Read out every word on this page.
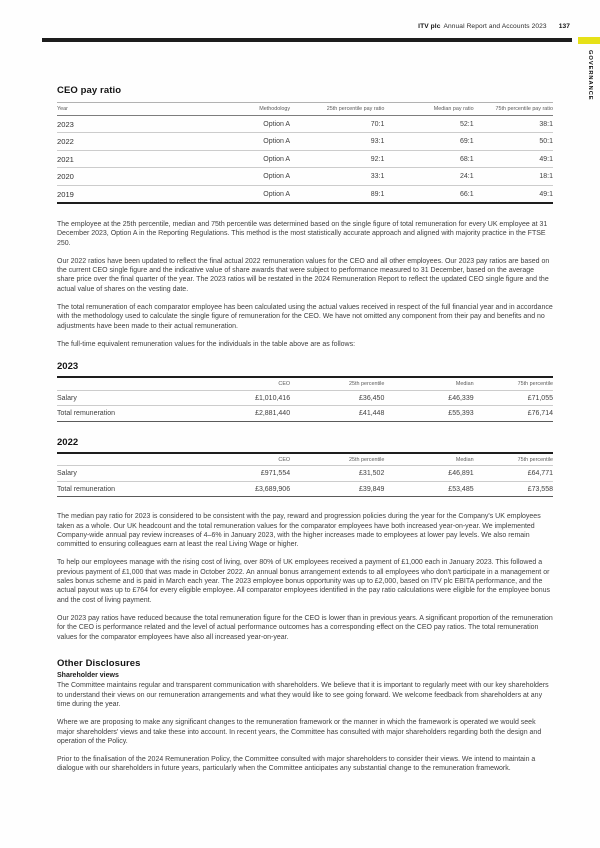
ITV plc Annual Report and Accounts 2023 137
GOVERNANCE
CEO pay ratio
Year	Methodology	25th percentile pay ratio	Median pay ratio	75th percentile pay ratio
2023	Option A	70:1	52:1	38:1
2022	Option A	93:1	69:1	50:1
2021	Option A	92:1	68:1	49:1
2020	Option A	33:1	24:1	18:1
2019	Option A	89:1	66:1	49:1

The employee at the 25th percentile, median and 75th percentile was determined based on the single figure of total remuneration for every UK employee at 31 December 2023, Option A in the Reporting Regulations. This method is the most statistically accurate approach and aligned with majority practice in the FTSE 250.

Our 2022 ratios have been updated to reflect the final actual 2022 remuneration values for the CEO and all other employees. Our 2023 pay ratios are based on the current CEO single figure and the indicative value of share awards that were subject to performance measured to 31 December, based on the average share price over the final quarter of the year. The 2023 ratios will be restated in the 2024 Remuneration Report to reflect the updated CEO single figure and the actual value of shares on the vesting date.

The total remuneration of each comparator employee has been calculated using the actual values received in respect of the full financial year and in accordance with the methodology used to calculate the single figure of remuneration for the CEO. We have not omitted any component from their pay and benefits and no adjustments have been made to their actual remuneration.

The full-time equivalent remuneration values for the individuals in the table above are as follows:

2023
	CEO	25th percentile	Median	75th percentile
Salary	£1,010,416	£36,450	£46,339	£71,055
Total remuneration	£2,881,440	£41,448	£55,393	£76,714
2022
	CEO	25th percentile	Median	75th percentile
Salary	£971,554	£31,502	£46,891	£64,771
Total remuneration	£3,689,906	£39,849	£53,485	£73,558

The median pay ratio for 2023 is considered to be consistent with the pay, reward and progression policies during the year for the Company's UK employees taken as a whole. Our UK headcount and the total remuneration values for the comparator employees have both increased year-on-year. We implemented Company-wide annual pay review increases of 4–6% in January 2023, with the higher increases made to employees at lower pay levels. We also remain committed to ensuring colleagues earn at least the real Living Wage or higher.

To help our employees manage with the rising cost of living, over 80% of UK employees received a payment of £1,000 each in January 2023. This followed a previous payment of £1,000 that was made in October 2022. An annual bonus arrangement extends to all employees who don't participate in a management or sales bonus scheme and is paid in March each year. The 2023 employee bonus opportunity was up to £2,000, based on ITV plc EBITA performance, and the actual payout was up to £764 for every eligible employee. All comparator employees identified in the pay ratio calculations were eligible for the employee bonus and the cost of living payment.

Our 2023 pay ratios have reduced because the total remuneration figure for the CEO is lower than in previous years. A significant proportion of the remuneration for the CEO is performance related and the level of actual performance outcomes has a corresponding effect on the CEO pay ratios. The total remuneration values for the comparator employees have also all increased year-on-year.

Other Disclosures
Shareholder views

The Committee maintains regular and transparent communication with shareholders. We believe that it is important to regularly meet with our key shareholders to understand their views on our remuneration arrangements and what they would like to see going forward. We welcome feedback from shareholders at any time during the year.

Where we are proposing to make any significant changes to the remuneration framework or the manner in which the framework is operated we would seek major shareholders' views and take these into account. In recent years, the Committee has consulted with major shareholders regarding both the design and operation of the Policy.

Prior to the finalisation of the 2024 Remuneration Policy, the Committee consulted with major shareholders to consider their views. We intend to maintain a dialogue with our shareholders in future years, particularly when the Committee anticipates any substantial change to the remuneration framework.
